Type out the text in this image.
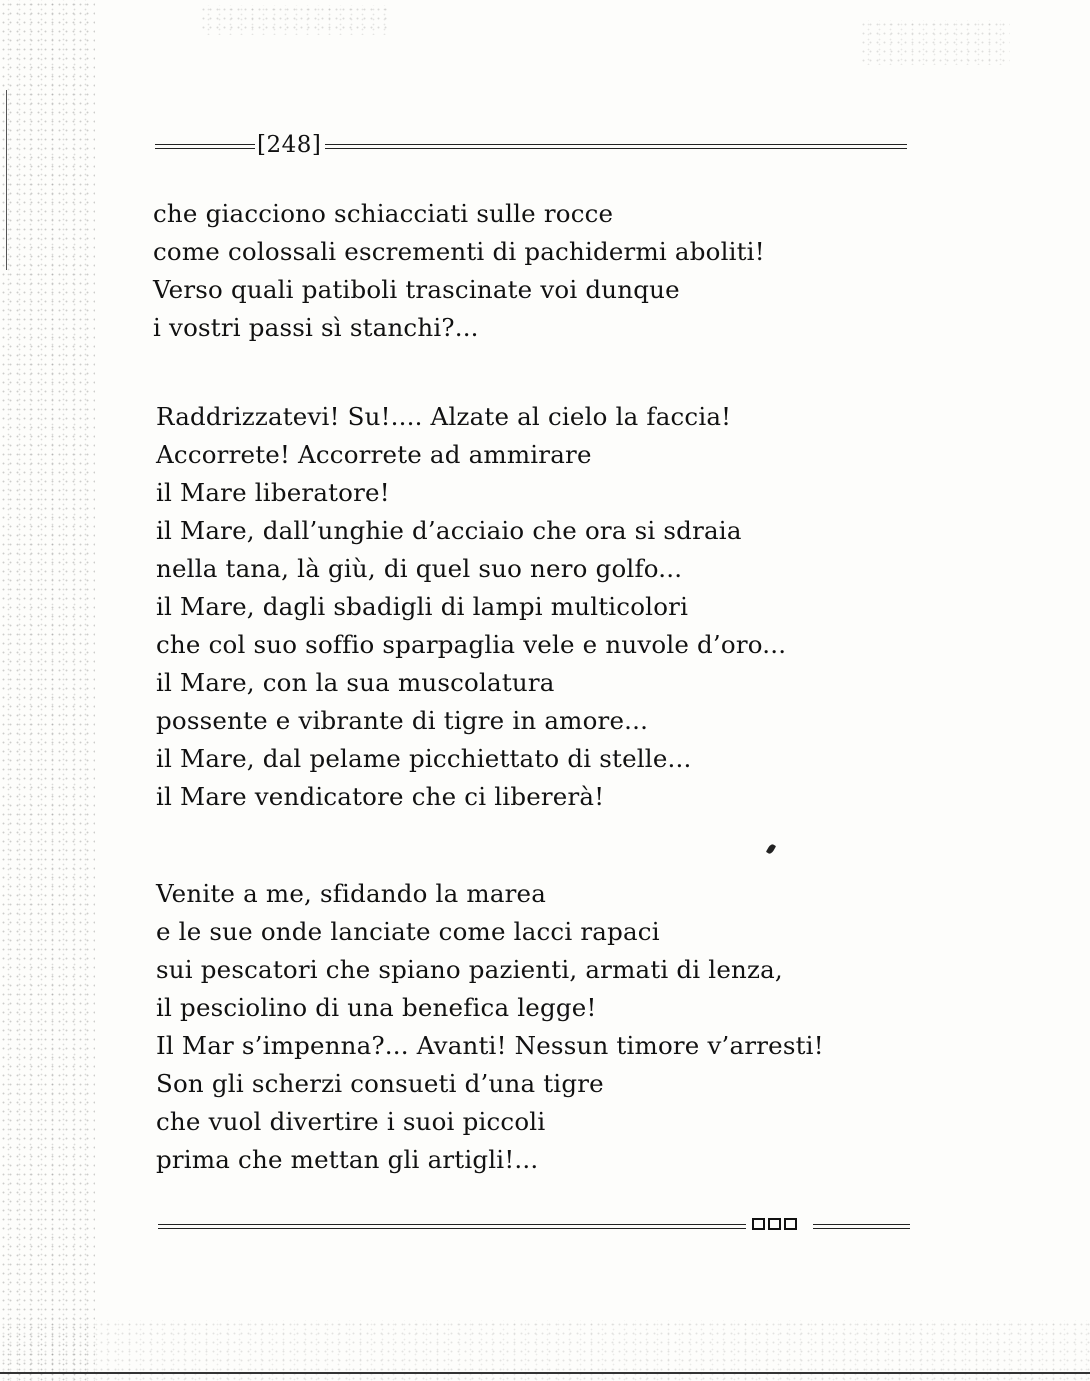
[248]
che giacciono schiacciati sulle rocce
come colossali escrementi di pachidermi aboliti!
Verso quali patiboli trascinate voi dunque
i vostri passi sì stanchi?...
Raddrizzatevi! Su!.... Alzate al cielo la faccia!
Accorrete! Accorrete ad ammirare
il Mare liberatore!
il Mare, dall’unghie d’acciaio che ora si sdraia
nella tana, là giù, di quel suo nero golfo...
il Mare, dagli sbadigli di lampi multicolori
che col suo soffio sparpaglia vele e nuvole d’oro...
il Mare, con la sua muscolatura
possente e vibrante di tigre in amore...
il Mare, dal pelame picchiettato di stelle...
il Mare vendicatore che ci libererà!
Venite a me, sfidando la marea
e le sue onde lanciate come lacci rapaci
sui pescatori che spiano pazienti, armati di lenza,
il pesciolino di una benefica legge!
Il Mar s’impenna?... Avanti! Nessun timore v’arresti!
Son gli scherzi consueti d’una tigre
che vuol divertire i suoi piccoli
prima che mettan gli artigli!...
